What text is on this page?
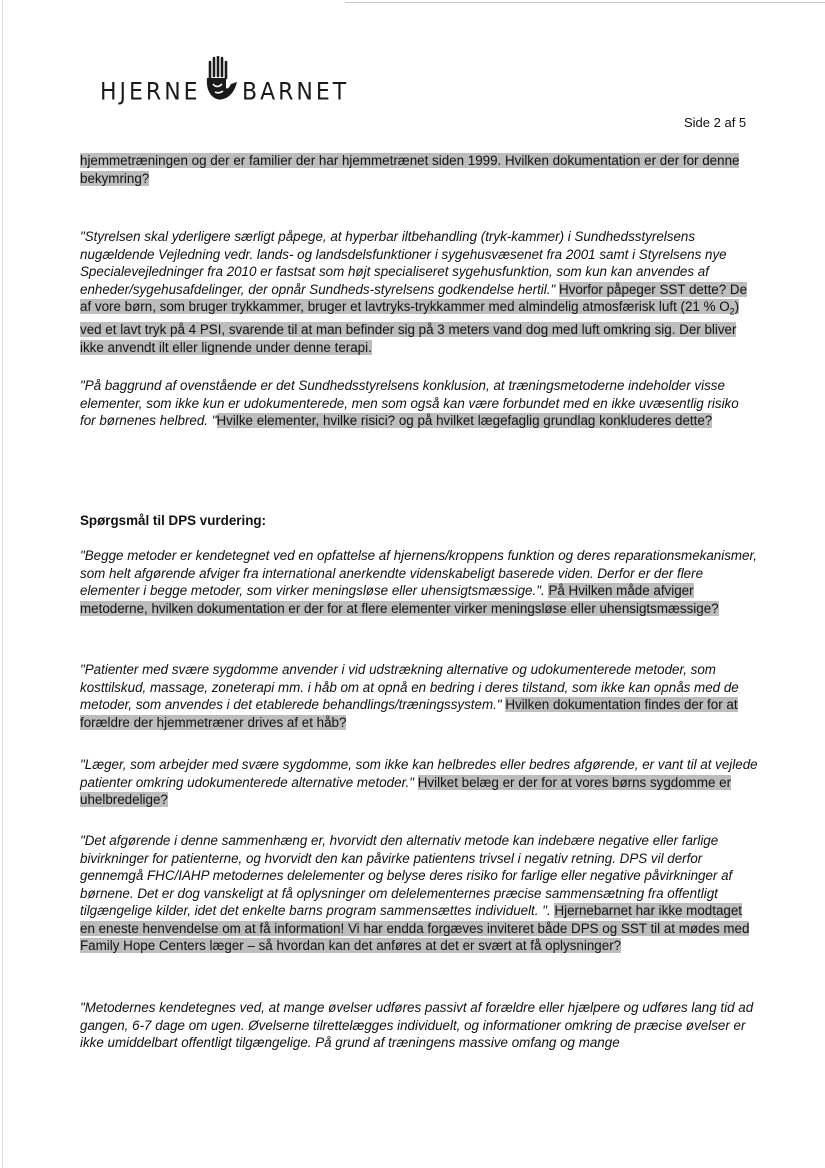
HJERNE BARNET
Side 2 af 5
hjemmetræningen og der er familier der har hjemmetrænet siden 1999. Hvilken dokumentation er der for denne bekymring?
"Styrelsen skal yderligere særligt påpege, at hyperbar iltbehandling (tryk-kammer) i Sundhedsstyrelsens nugældende Vejledning vedr. lands- og landsdelsfunktioner i sygehusvæsenet fra 2001 samt i Styrelsens nye Specialevejledninger fra 2010 er fastsat som højt specialiseret sygehusfunktion, som kun kan anvendes af enheder/sygehusafdelinger, der opnår Sundheds-styrelsens godkendelse hertil." Hvorfor påpeger SST dette? De af vore børn, som bruger trykkammer, bruger et lavtryks-trykkammer med almindelig atmosfærisk luft (21 % $O_2$) ved et lavt tryk på 4 PSI, svarende til at man befinder sig på 3 meters vand dog med luft omkring sig. Der bliver ikke anvendt ilt eller lignende under denne terapi.
"På baggrund af ovenstående er det Sundhedsstyrelsens konklusion, at træningsmetoderne indeholder visse elementer, som ikke kun er udokumenterede, men som også kan være forbundet med en ikke uvæsentlig risiko for børnenes helbred. "Hvilke elementer, hvilke risici? og på hvilket lægefaglig grundlag konkluderes dette?
Spørgsmål til DPS vurdering:
"Begge metoder er kendetegnet ved en opfattelse af hjernens/kroppens funktion og deres reparationsmekanismer, som helt afgørende afviger fra international anerkendte videnskabeligt baserede viden. Derfor er der flere elementer i begge metoder, som virker meningsløse eller uhensigtsmæssige.". På Hvilken måde afviger metoderne, hvilken dokumentation er der for at flere elementer virker meningsløse eller uhensigtsmæssige?
"Patienter med svære sygdomme anvender i vid udstrækning alternative og udokumenterede metoder, som kosttilskud, massage, zoneterapi mm. i håb om at opnå en bedring i deres tilstand, som ikke kan opnås med de metoder, som anvendes i det etablerede behandlings/træningssystem." Hvilken dokumentation findes der for at forældre der hjemmetræner drives af et håb?
"Læger, som arbejder med svære sygdomme, som ikke kan helbredes eller bedres afgørende, er vant til at vejlede patienter omkring udokumenterede alternative metoder." Hvilket belæg er der for at vores børns sygdomme er uhelbredelige?
"Det afgørende i denne sammenhæng er, hvorvidt den alternativ metode kan indebære negative eller farlige bivirkninger for patienterne, og hvorvidt den kan påvirke patientens trivsel i negativ retning. DPS vil derfor gennemgå FHC/IAHP metodernes delelementer og belyse deres risiko for farlige eller negative påvirkninger af børnene. Det er dog vanskeligt at få oplysninger om delelementernes præcise sammensætning fra offentligt tilgængelige kilder, idet det enkelte barns program sammensættes individuelt. ". Hjernebarnet har ikke modtaget en eneste henvendelse om at få information! Vi har endda forgæves inviteret både DPS og SST til at mødes med Family Hope Centers læger – så hvordan kan det anføres at det er svært at få oplysninger?
"Metodernes kendetegnes ved, at mange øvelser udføres passivt af forældre eller hjælpere og udføres lang tid ad gangen, 6-7 dage om ugen. Øvelserne tilrettelægges individuelt, og informationer omkring de præcise øvelser er ikke umiddelbart offentligt tilgængelige. På grund af træningens massive omfang og mange
